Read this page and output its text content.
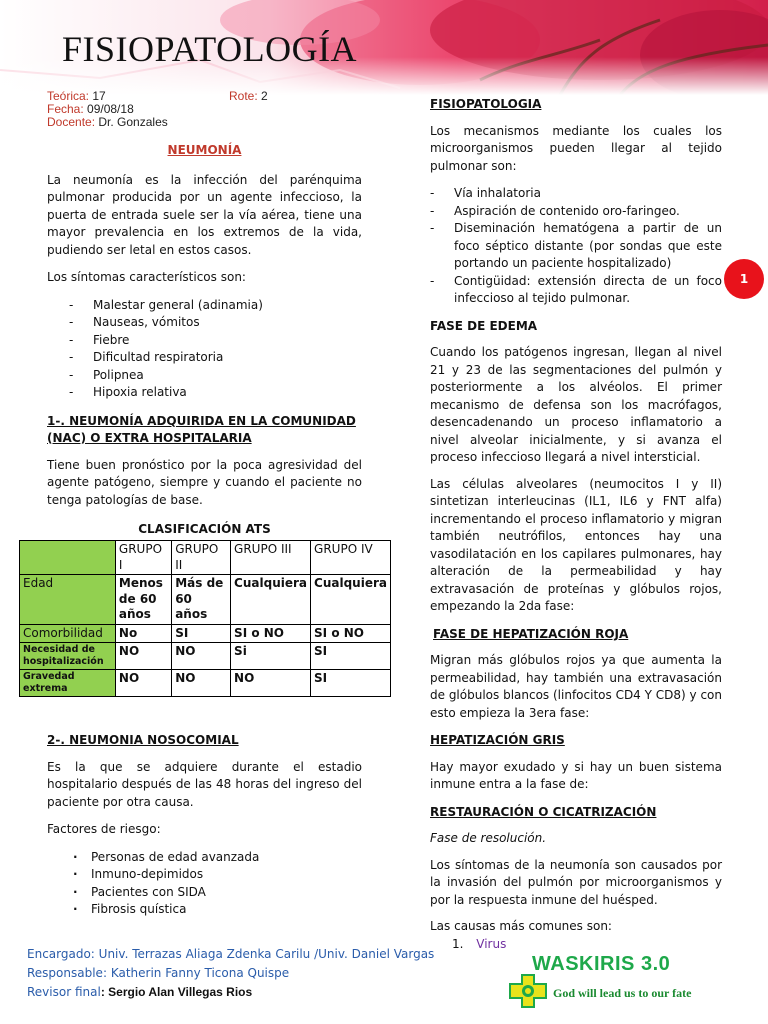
FISIOPATOLOGÍA
Teórica: 17	Rote: 2
Fecha: 09/08/18
Docente: Dr. Gonzales
NEUMONÍA

La neumonía es la infección del parénquima pulmonar producida por un agente infeccioso, la puerta de entrada suele ser la vía aérea, tiene una mayor prevalencia en los extremos de la vida, pudiendo ser letal en estos casos.

Los síntomas característicos son:

- Malestar general (adinamia)
- Nauseas, vómitos
- Fiebre
- Dificultad respiratoria
- Polipnea
- Hipoxia relativa
1-. NEUMONÍA ADQUIRIDA EN LA COMUNIDAD
(NAC) O EXTRA HOSPITALARIA

Tiene buen pronóstico por la poca agresividad del agente patógeno, siempre y cuando el paciente no tenga patologías de base.

CLASIFICACIÓN ATS
	GRUPO I	GRUPO II	GRUPO III	GRUPO IV
Edad	Menos de 60 años	Más de 60 años	Cualquiera	Cualquiera
Comorbilidad	No	SI	SI o NO	SI o NO
Necesidad de hospitalización	NO	NO	Si	SI
Gravedad extrema	NO	NO	NO	SI
2-. NEUMONIA NOSOCOMIAL

Es la que se adquiere durante el estadio hospitalario después de las 48 horas del ingreso del paciente por otra causa.

Factores de riesgo:

· Personas de edad avanzada
· Inmuno-depimidos
· Pacientes con SIDA
· Fibrosis quística
FISIOPATOLOGIA

Los mecanismos mediante los cuales los microorganismos pueden llegar al tejido pulmonar son:

- Vía inhalatoria
- Aspiración de contenido oro-faringeo.
- Diseminación hematógena a partir de un foco séptico distante (por sondas que este portando un paciente hospitalizado)
- Contigüidad: extensión directa de un foco infeccioso al tejido pulmonar.
FASE DE EDEMA

Cuando los patógenos ingresan, llegan al nivel 21 y 23 de las segmentaciones del pulmón y posteriormente a los alvéolos. El primer mecanismo de defensa son los macrófagos, desencadenando un proceso inflamatorio a nivel alveolar inicialmente, y si avanza el proceso infeccioso llegará a nivel intersticial.

Las células alveolares (neumocitos I y II) sintetizan interleucinas (IL1, IL6 y FNT alfa) incrementando el proceso inflamatorio y migran también neutrófilos, entonces hay una vasodilatación en los capilares pulmonares, hay alteración de la permeabilidad y hay extravasación de proteínas y glóbulos rojos, empezando la 2da fase:

FASE DE HEPATIZACIÓN ROJA

Migran más glóbulos rojos ya que aumenta la permeabilidad, hay también una extravasación de glóbulos blancos (linfocitos CD4 Y CD8) y con esto empieza la 3era fase:

HEPATIZACIÓN GRIS

Hay mayor exudado y si hay un buen sistema inmune entra a la fase de:

RESTAURACIÓN O CICATRIZACIÓN

Fase de resolución.

Los síntomas de la neumonía son causados por la invasión del pulmón por microorganismos y por la respuesta inmune del huésped.

Las causas más comunes son:

1. Virus
1
Encargado: Univ. Terrazas Aliaga Zdenka Carilu /Univ. Daniel Vargas
Responsable: Katherin Fanny Ticona Quispe
Revisor final: Sergio Alan Villegas Rios
WASKIRIS 3.0
God will lead us to our fate
